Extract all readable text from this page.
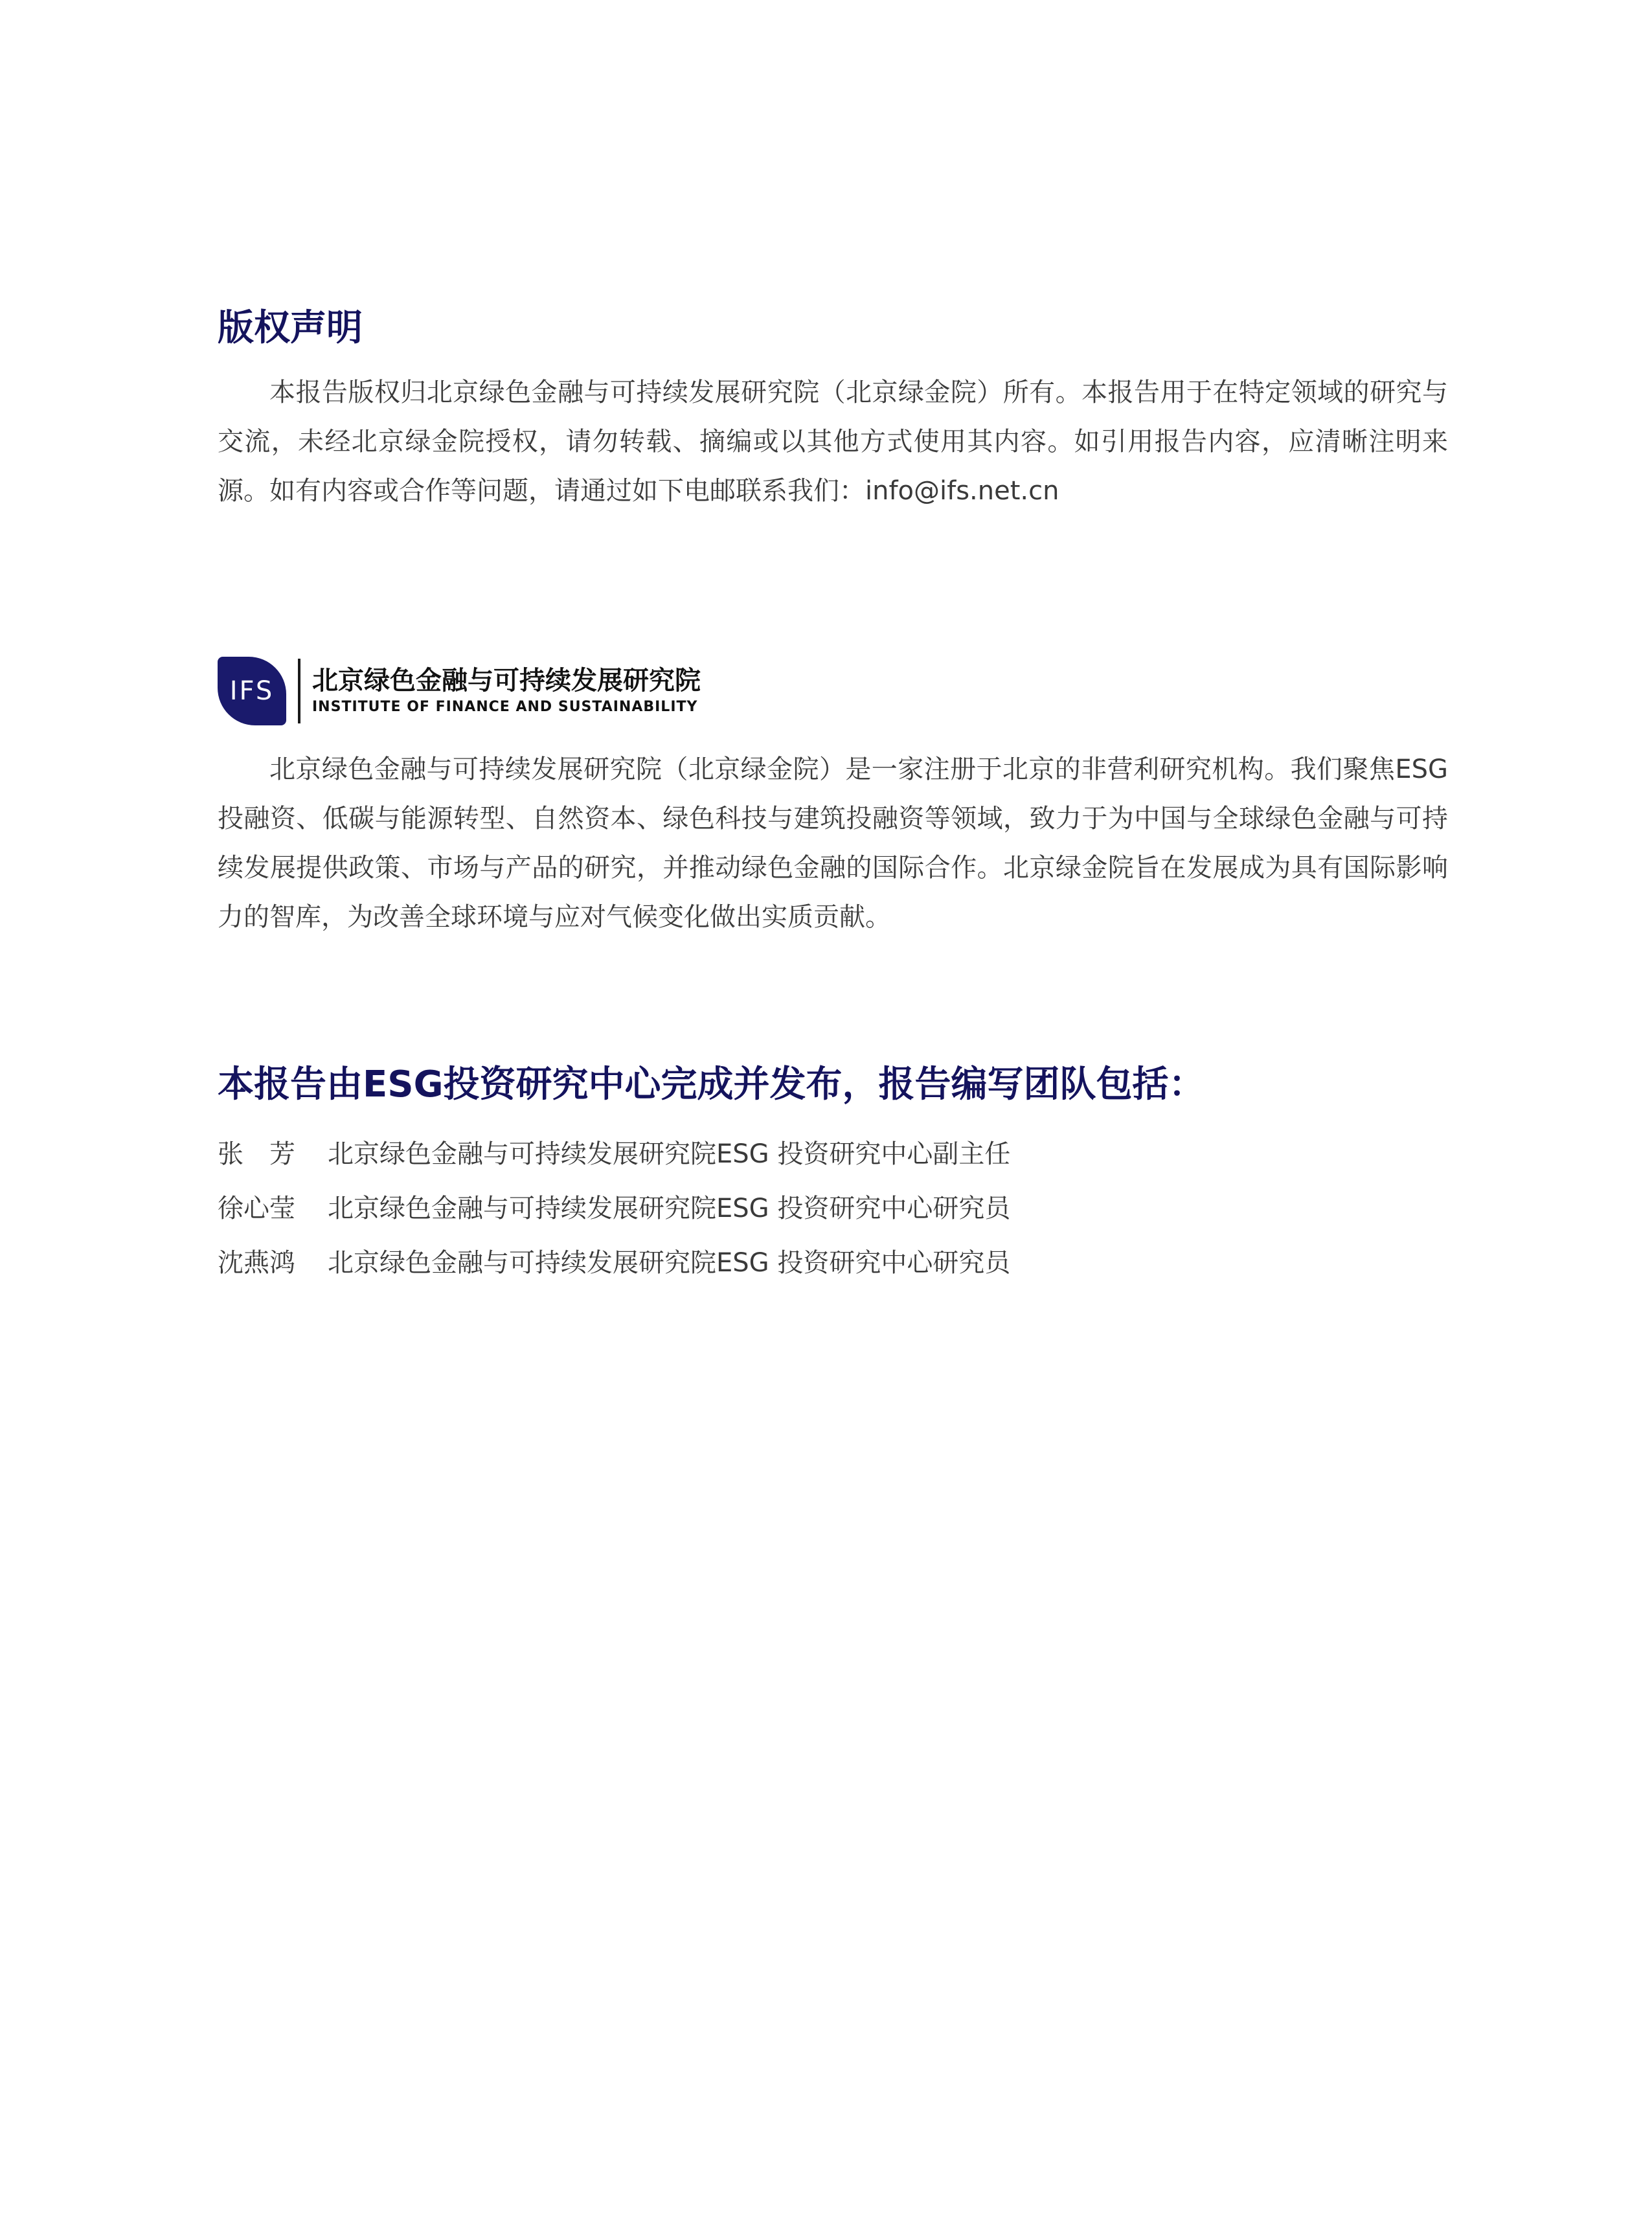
版权声明

本报告版权归北京绿色金融与可持续发展研究院（北京绿金院）所有。本报告用于在特定领域的研究与交流，未经北京绿金院授权，请勿转载、摘编或以其他方式使用其内容。如引用报告内容，应清晰注明来源。如有内容或合作等问题，请通过如下电邮联系我们：info@ifs.net.cn

IFS 北京绿色金融与可持续发展研究院
INSTITUTE OF FINANCE AND SUSTAINABILITY

北京绿色金融与可持续发展研究院（北京绿金院）是一家注册于北京的非营利研究机构。我们聚焦ESG投融资、低碳与能源转型、自然资本、绿色科技与建筑投融资等领域，致力于为中国与全球绿色金融与可持续发展提供政策、市场与产品的研究，并推动绿色金融的国际合作。北京绿金院旨在发展成为具有国际影响力的智库，为改善全球环境与应对气候变化做出实质贡献。

本报告由ESG投资研究中心完成并发布，报告编写团队包括：
张　芳	北京绿色金融与可持续发展研究院ESG 投资研究中心副主任
徐心莹	北京绿色金融与可持续发展研究院ESG 投资研究中心研究员
沈燕鸿	北京绿色金融与可持续发展研究院ESG 投资研究中心研究员
